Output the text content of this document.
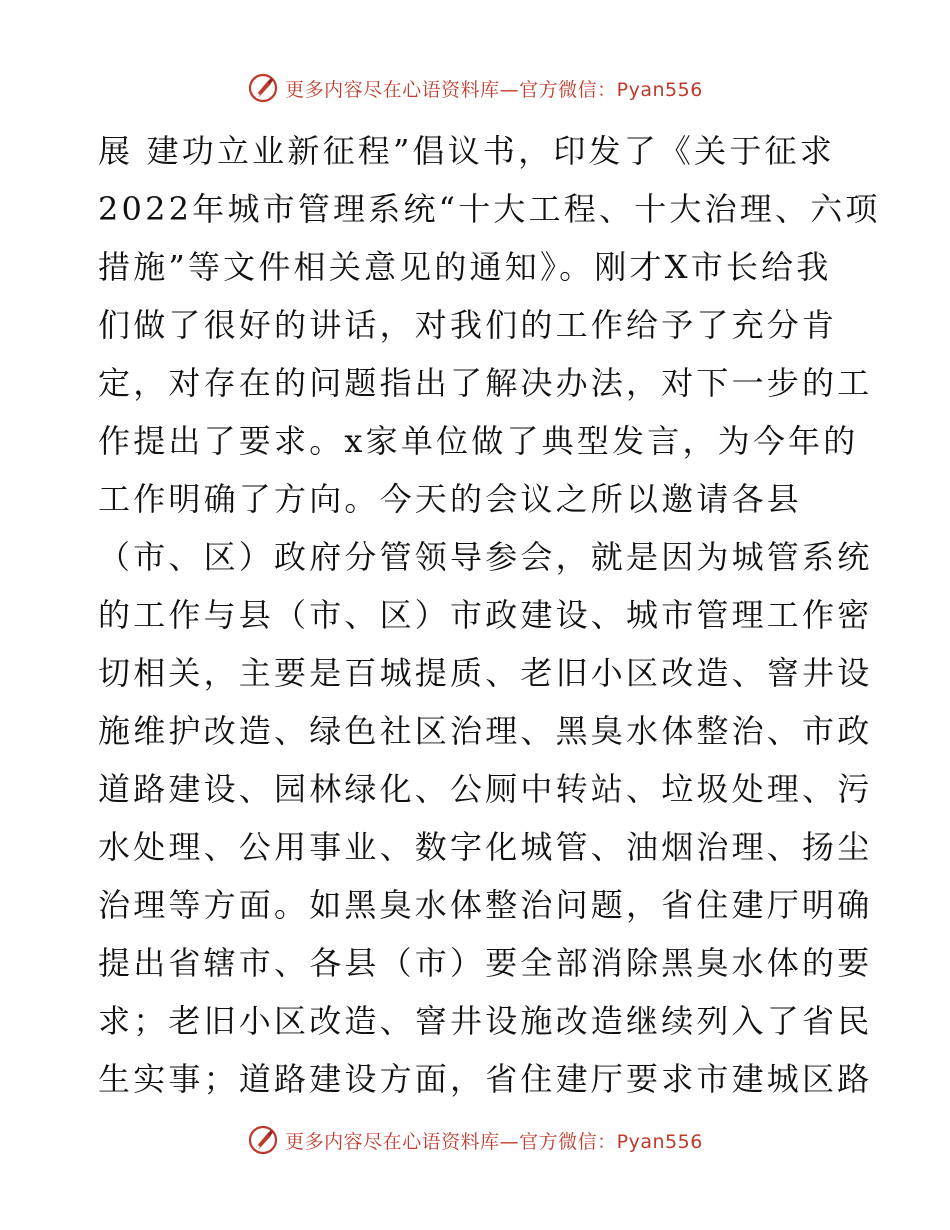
更多内容尽在心语资料库—官方微信：Pyan556
展 建功立业新征程”倡议书，印发了《关于征求
2022年城市管理系统“十大工程、十大治理、六项
措施”等文件相关意见的通知》。刚才X市长给我
们做了很好的讲话，对我们的工作给予了充分肯
定，对存在的问题指出了解决办法，对下一步的工
作提出了要求。x家单位做了典型发言，为今年的
工作明确了方向。今天的会议之所以邀请各县
（市、区）政府分管领导参会，就是因为城管系统
的工作与县（市、区）市政建设、城市管理工作密
切相关，主要是百城提质、老旧小区改造、窨井设
施维护改造、绿色社区治理、黑臭水体整治、市政
道路建设、园林绿化、公厕中转站、垃圾处理、污
水处理、公用事业、数字化城管、油烟治理、扬尘
治理等方面。如黑臭水体整治问题，省住建厅明确
提出省辖市、各县（市）要全部消除黑臭水体的要
求；老旧小区改造、窨井设施改造继续列入了省民
生实事；道路建设方面，省住建厅要求市建城区路
更多内容尽在心语资料库—官方微信：Pyan556
